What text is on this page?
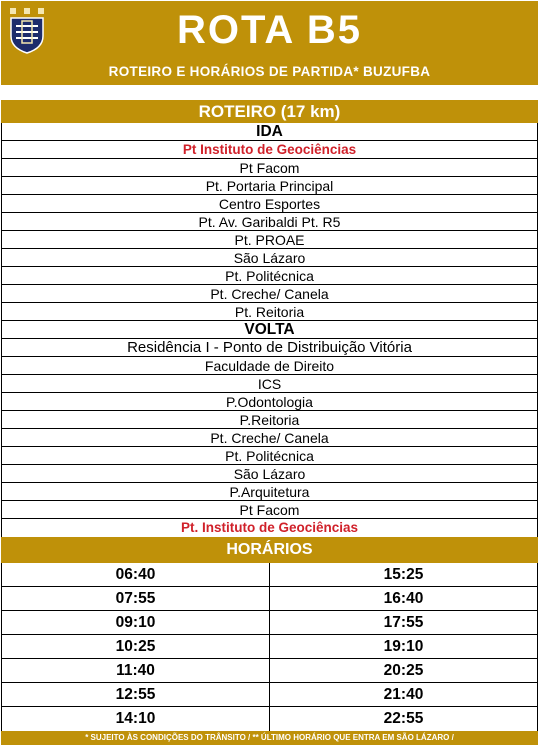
ROTA B5
ROTEIRO E HORÁRIOS DE PARTIDA* BUZUFBA
ROTEIRO (17 km)
IDA
Pt Instituto de Geociências
Pt Facom
Pt. Portaria Principal
Centro Esportes
Pt. Av. Garibaldi Pt. R5
Pt. PROAE
São Lázaro
Pt. Politécnica
Pt. Creche/ Canela
Pt. Reitoria
VOLTA
Residência I - Ponto de Distribuição Vitória
Faculdade de Direito
ICS
P.Odontologia
P.Reitoria
Pt. Creche/ Canela
Pt. Politécnica
São Lázaro
P.Arquitetura
Pt Facom
Pt. Instituto de Geociências
HORÁRIOS
06:40	15:25
07:55	16:40
09:10	17:55
10:25	19:10
11:40	20:25
12:55	21:40
14:10	22:55
* SUJEITO ÀS CONDIÇÕES DO TRÂNSITO / ** ÚLTIMO HORÁRIO QUE ENTRA EM SÃO LÁZARO /
